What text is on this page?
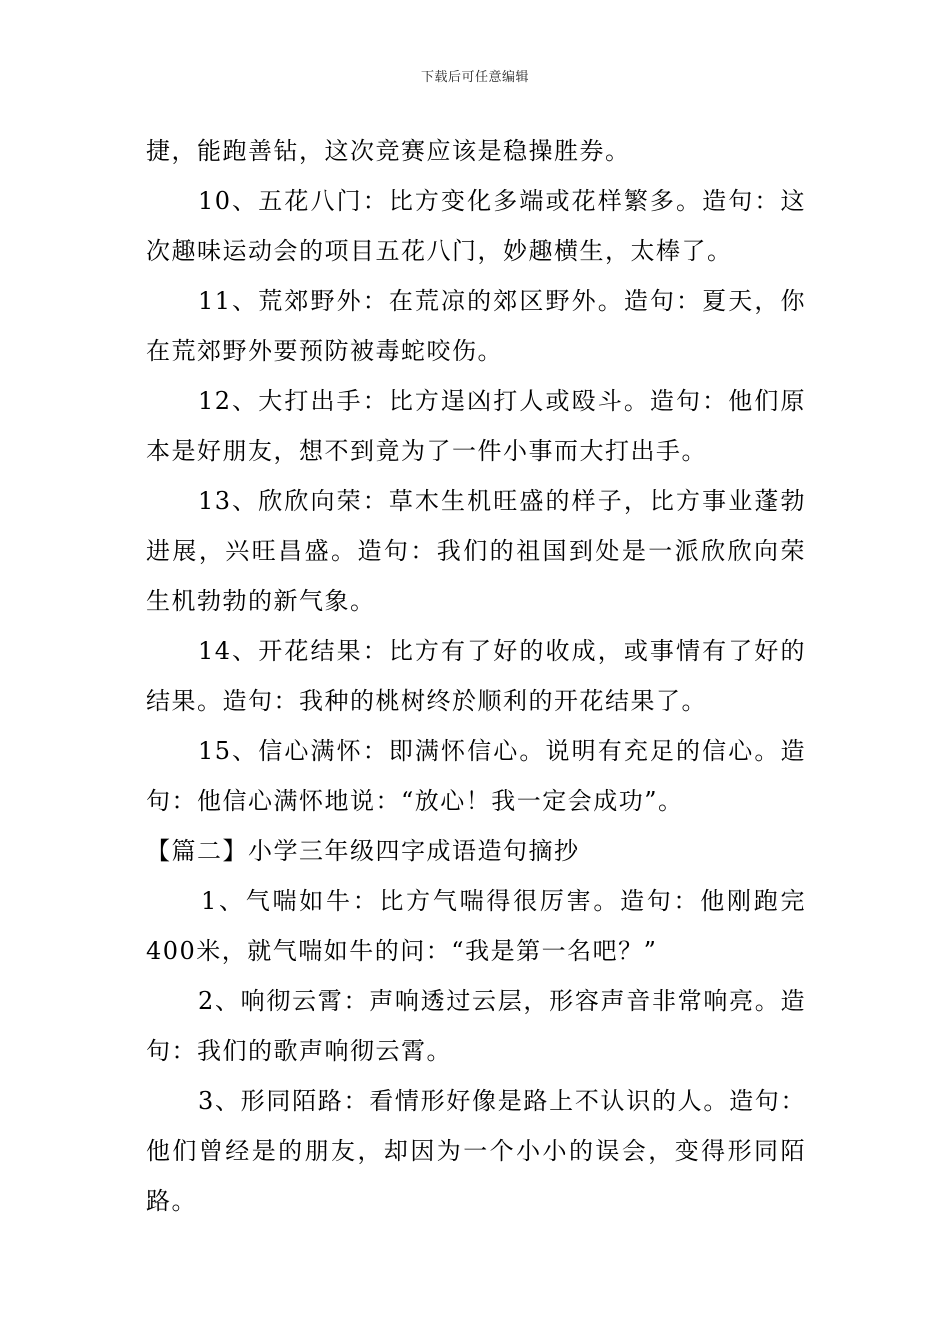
下载后可任意编辑

捷，能跑善钻，这次竞赛应该是稳操胜券。

10、五花八门：比方变化多端或花样繁多。造句：这次趣味运动会的项目五花八门，妙趣横生，太棒了。

11、荒郊野外：在荒凉的郊区野外。造句：夏天，你在荒郊野外要预防被毒蛇咬伤。

12、大打出手：比方逞凶打人或殴斗。造句：他们原本是好朋友，想不到竟为了一件小事而大打出手。

13、欣欣向荣：草木生机旺盛的样子，比方事业蓬勃进展，兴旺昌盛。造句：我们的祖国到处是一派欣欣向荣生机勃勃的新气象。

14、开花结果：比方有了好的收成，或事情有了好的结果。造句：我种的桃树终於顺利的开花结果了。

15、信心满怀：即满怀信心。说明有充足的信心。造句：他信心满怀地说：“放心！我一定会成功”。

【篇二】小学三年级四字成语造句摘抄

1、气喘如牛：比方气喘得很厉害。造句：他刚跑完400米，就气喘如牛的问：“我是第一名吧？”

2、响彻云霄：声响透过云层，形容声音非常响亮。造句：我们的歌声响彻云霄。

3、形同陌路：看情形好像是路上不认识的人。造句：他们曾经是的朋友，却因为一个小小的误会，变得形同陌路。
